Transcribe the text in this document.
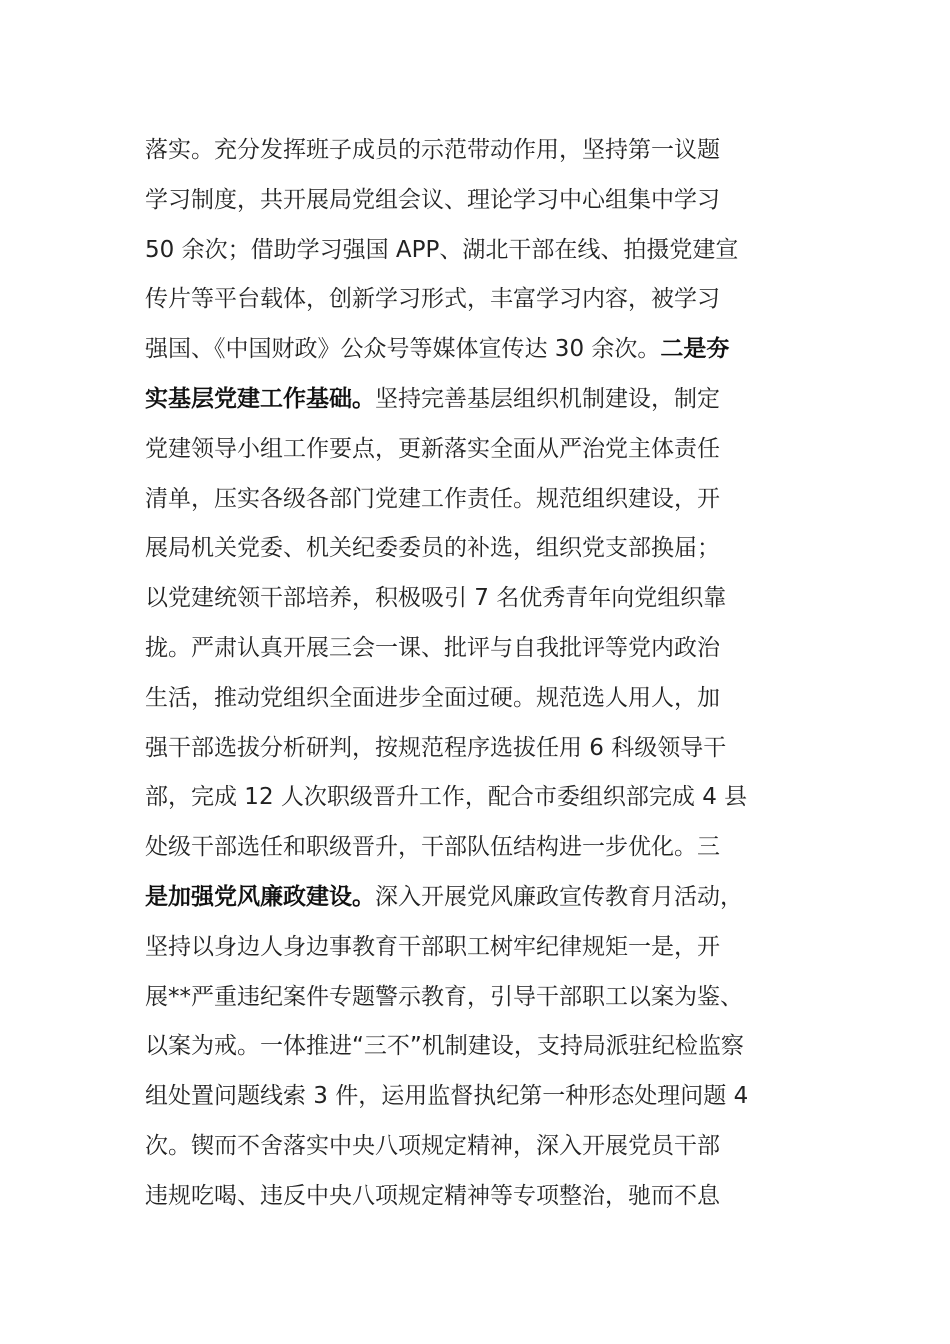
落实。充分发挥班子成员的示范带动作用，坚持第一议题
学习制度，共开展局党组会议、理论学习中心组集中学习
50 余次；借助学习强国 APP、湖北干部在线、拍摄党建宣
传片等平台载体，创新学习形式，丰富学习内容，被学习
强国、《中国财政》公众号等媒体宣传达 30 余次。二是夯
实基层党建工作基础。坚持完善基层组织机制建设，制定
党建领导小组工作要点，更新落实全面从严治党主体责任
清单，压实各级各部门党建工作责任。规范组织建设，开
展局机关党委、机关纪委委员的补选，组织党支部换届；
以党建统领干部培养，积极吸引 7 名优秀青年向党组织靠
拢。严肃认真开展三会一课、批评与自我批评等党内政治
生活，推动党组织全面进步全面过硬。规范选人用人，加
强干部选拔分析研判，按规范程序选拔任用 6 科级领导干
部，完成 12 人次职级晋升工作，配合市委组织部完成 4 县
处级干部选任和职级晋升，干部队伍结构进一步优化。三
是加强党风廉政建设。深入开展党风廉政宣传教育月活动，
坚持以身边人身边事教育干部职工树牢纪律规矩一是，开
展**严重违纪案件专题警示教育，引导干部职工以案为鉴、
以案为戒。一体推进“三不”机制建设，支持局派驻纪检监察
组处置问题线索 3 件，运用监督执纪第一种形态处理问题 4
次。锲而不舍落实中央八项规定精神，深入开展党员干部
违规吃喝、违反中央八项规定精神等专项整治，驰而不息
